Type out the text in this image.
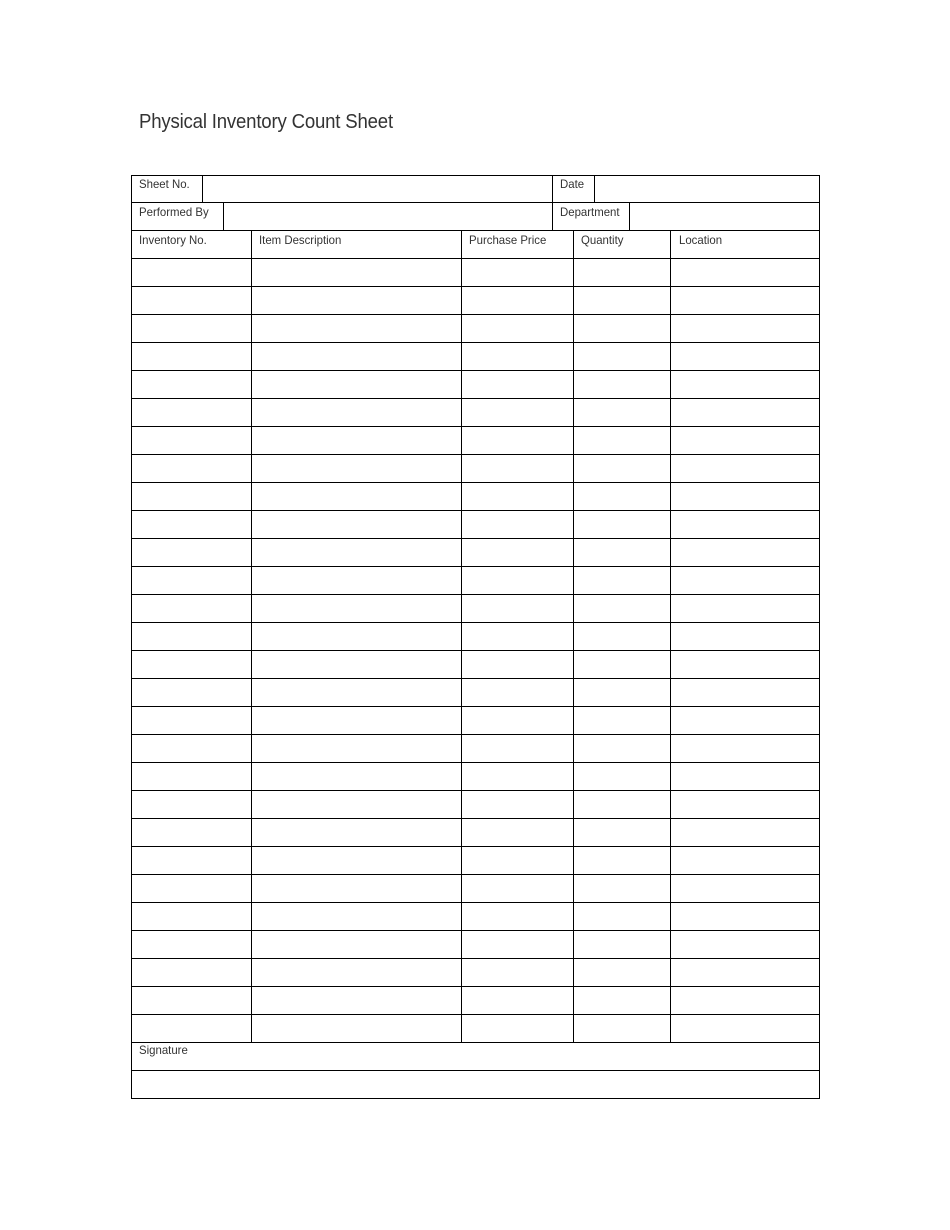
Physical Inventory Count Sheet
Sheet No.	Date
Performed By	Department
Inventory No.	Item Description	Purchase Price	Quantity	Location
Signature
